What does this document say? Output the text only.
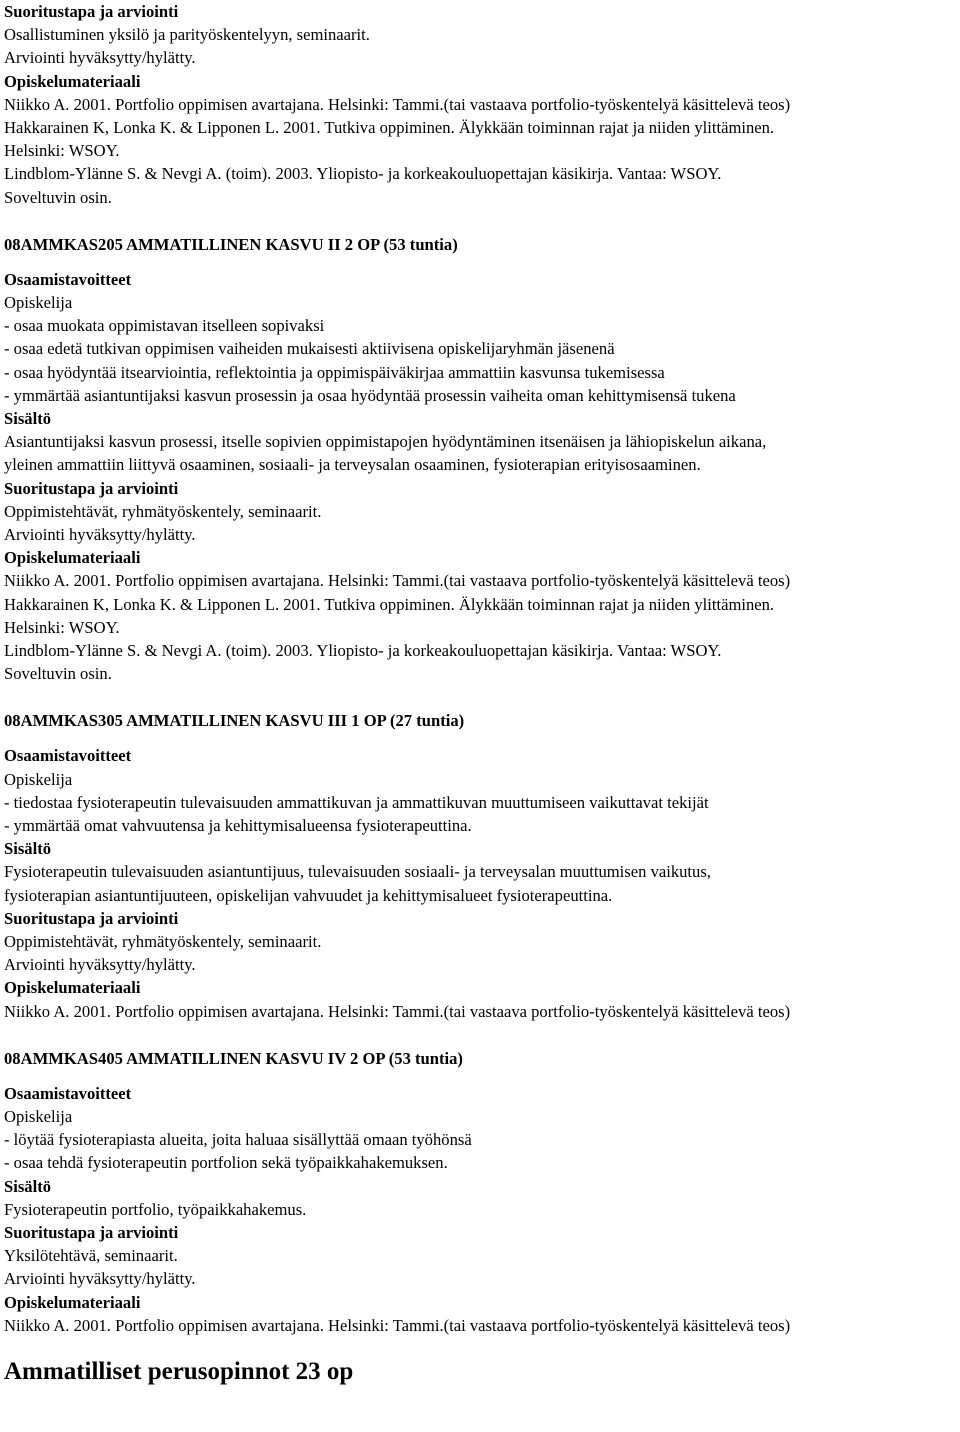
Suoritustapa ja arviointi
Osallistuminen yksilö ja parityöskentelyyn, seminaarit.
Arviointi hyväksytty/hylätty.
Opiskelumateriaali
Niikko A. 2001. Portfolio oppimisen avartajana. Helsinki: Tammi.(tai vastaava portfolio-työskentelyä käsittelevä teos)
Hakkarainen K, Lonka K. & Lipponen L. 2001. Tutkiva oppiminen. Älykkään toiminnan rajat ja niiden ylittäminen.
Helsinki: WSOY.
Lindblom-Ylänne S. & Nevgi A. (toim). 2003. Yliopisto- ja korkeakouluopettajan käsikirja. Vantaa: WSOY.
Soveltuvin osin.
08AMMKAS205 AMMATILLINEN KASVU II 2 OP (53 tuntia)
Osaamistavoitteet
Opiskelija
- osaa muokata oppimistavan itselleen sopivaksi
- osaa edetä tutkivan oppimisen vaiheiden mukaisesti aktiivisena opiskelijaryhmän jäsenenä
- osaa hyödyntää itsearviointia, reflektointia ja oppimispäiväkirjaa ammattiin kasvunsa tukemisessa
- ymmärtää asiantuntijaksi kasvun prosessin ja osaa hyödyntää prosessin vaiheita oman kehittymisensä tukena
Sisältö
Asiantuntijaksi kasvun prosessi, itselle sopivien oppimistapojen hyödyntäminen itsenäisen ja lähiopiskelun aikana,
yleinen ammattiin liittyvä osaaminen, sosiaali- ja terveysalan osaaminen, fysioterapian erityisosaaminen.
Suoritustapa ja arviointi
Oppimistehtävät, ryhmätyöskentely, seminaarit.
Arviointi hyväksytty/hylätty.
Opiskelumateriaali
Niikko A. 2001. Portfolio oppimisen avartajana. Helsinki: Tammi.(tai vastaava portfolio-työskentelyä käsittelevä teos)
Hakkarainen K, Lonka K. & Lipponen L. 2001. Tutkiva oppiminen. Älykkään toiminnan rajat ja niiden ylittäminen.
Helsinki: WSOY.
Lindblom-Ylänne S. & Nevgi A. (toim). 2003. Yliopisto- ja korkeakouluopettajan käsikirja. Vantaa: WSOY.
Soveltuvin osin.
08AMMKAS305 AMMATILLINEN KASVU III 1 OP (27 tuntia)
Osaamistavoitteet
Opiskelija
- tiedostaa fysioterapeutin tulevaisuuden ammattikuvan ja ammattikuvan muuttumiseen vaikuttavat tekijät
- ymmärtää omat vahvuutensa ja kehittymisalueensa fysioterapeuttina.
Sisältö
Fysioterapeutin tulevaisuuden asiantuntijuus, tulevaisuuden sosiaali- ja terveysalan muuttumisen vaikutus,
fysioterapian asiantuntijuuteen, opiskelijan vahvuudet ja kehittymisalueet fysioterapeuttina.
Suoritustapa ja arviointi
Oppimistehtävät, ryhmätyöskentely, seminaarit.
Arviointi hyväksytty/hylätty.
Opiskelumateriaali
Niikko A. 2001. Portfolio oppimisen avartajana. Helsinki: Tammi.(tai vastaava portfolio-työskentelyä käsittelevä teos)
08AMMKAS405 AMMATILLINEN KASVU IV 2 OP (53 tuntia)
Osaamistavoitteet
Opiskelija
- löytää fysioterapiasta alueita, joita haluaa sisällyttää omaan työhönsä
- osaa tehdä fysioterapeutin portfolion sekä työpaikkahakemuksen.
Sisältö
Fysioterapeutin portfolio, työpaikkahakemus.
Suoritustapa ja arviointi
Yksilötehtävä, seminaarit.
Arviointi hyväksytty/hylätty.
Opiskelumateriaali
Niikko A. 2001. Portfolio oppimisen avartajana. Helsinki: Tammi.(tai vastaava portfolio-työskentelyä käsittelevä teos)
Ammatilliset perusopinnot 23 op
